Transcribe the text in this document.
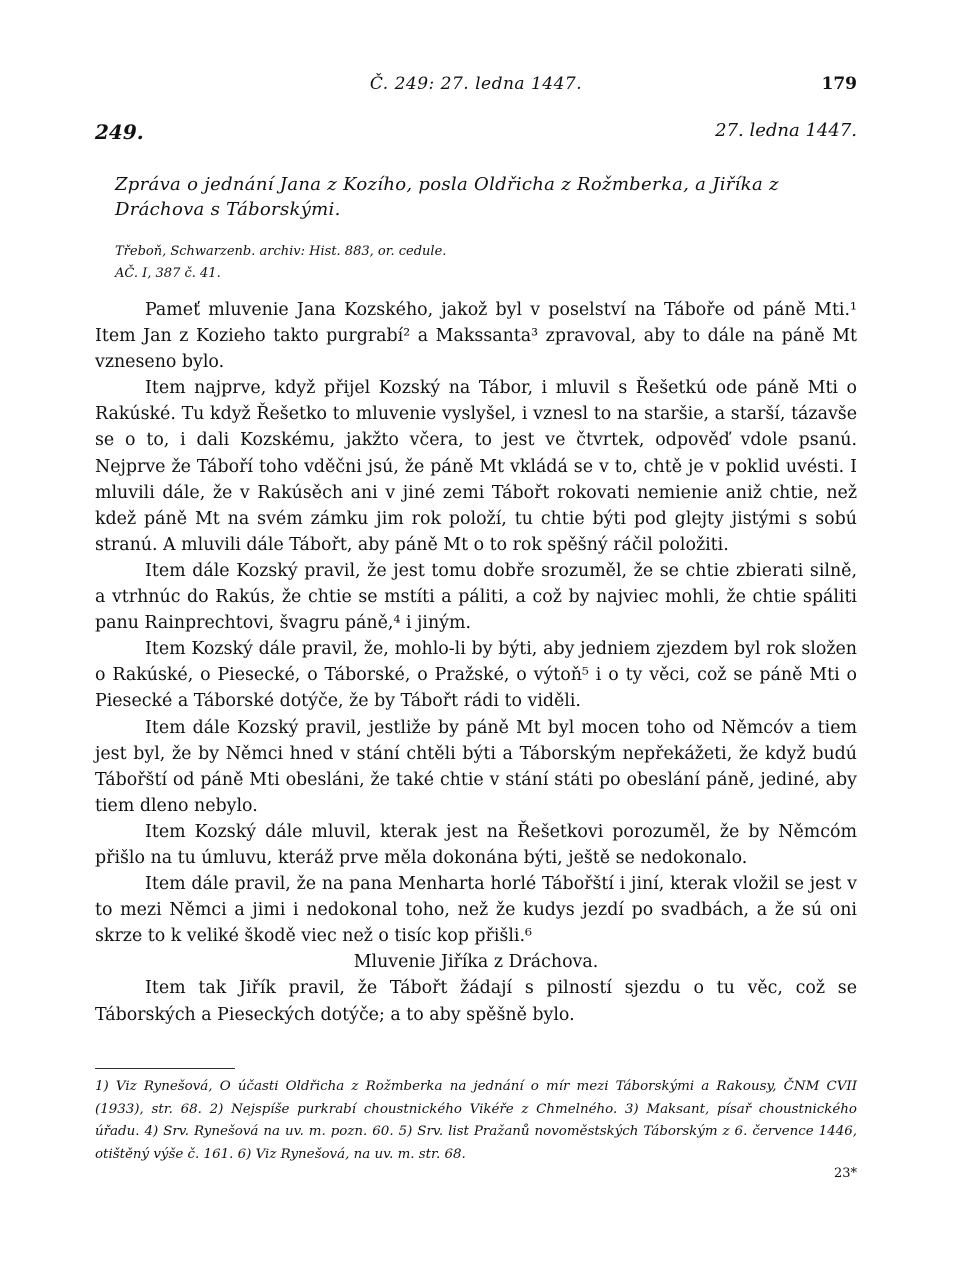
Č. 249: 27. ledna 1447.	179
249.	27. ledna 1447.
Zpráva o jednání Jana z Kozího, posla Oldřicha z Rožmberka, a Jiříka z Dráchova s Táborskými.
Třeboň, Schwarzenb. archiv: Hist. 883, or. cedule.
AČ. I, 387 č. 41.

Pameť mluvenie Jana Kozského, jakož byl v poselství na Táboře od páně Mti.¹ Item Jan z Kozieho takto purgrabí² a Makssanta³ zpravoval, aby to dále na páně Mt vzneseno bylo.

Item najprve, když přijel Kozský na Tábor, i mluvil s Řešetkú ode páně Mti o Rakúské. Tu když Řešetko to mluvenie vyslyšel, i vznesl to na staršie, a starší, tázavše se o to, i dali Kozskému, jakžto včera, to jest ve čtvrtek, odpověď vdole psanú. Nejprve že Táboří toho vděčni jsú, že páně Mt vkládá se v to, chtě je v poklid uvésti. I mluvili dále, že v Rakúsěch ani v jiné zemi Tábořt rokovati nemienie aniž chtie, než kdež páně Mt na svém zámku jim rok položí, tu chtie býti pod glejty jistými s sobú stranú. A mluvili dále Tábořt, aby páně Mt o to rok spěšný ráčil položiti.

Item dále Kozský pravil, že jest tomu dobře srozuměl, že se chtie zbierati silně, a vtrhnúc do Rakús, že chtie se mstíti a páliti, a což by najviec mohli, že chtie spáliti panu Rainprechtovi, švagru páně,⁴ i jiným.

Item Kozský dále pravil, že, mohlo-li by býti, aby jedniem zjezdem byl rok složen o Rakúské, o Piesecké, o Táborské, o Pražské, o výtoň⁵ i o ty věci, což se páně Mti o Piesecké a Táborské dotýče, že by Tábořt rádi to viděli.

Item dále Kozský pravil, jestliže by páně Mt byl mocen toho od Němcóv a tiem jest byl, že by Němci hned v stání chtěli býti a Táborským nepřekážeti, že když budú Tábořští od páně Mti obesláni, že také chtie v stání státi po obeslání páně, jediné, aby tiem dleno nebylo.

Item Kozský dále mluvil, kterak jest na Řešetkovi porozuměl, že by Němcóm přišlo na tu úmluvu, kteráž prve měla dokonána býti, ještě se nedokonalo.

Item dále pravil, že na pana Menharta horlé Tábořští i jiní, kterak vložil se jest v to mezi Němci a jimi i nedokonal toho, než že kudys jezdí po svadbách, a že sú oni skrze to k veliké škodě viec než o tisíc kop přišli.⁶

Mluvenie Jiříka z Dráchova.

Item tak Jiřík pravil, že Tábořt žádají s pilností sjezdu o tu věc, což se Táborských a Pieseckých dotýče; a to aby spěšně bylo.

1) Viz Rynešová, O účasti Oldřicha z Rožmberka na jednání o mír mezi Táborskými a Rakousy, ČNM CVII (1933), str. 68. 2) Nejspíše purkrabí choustnického Vikéře z Chmelného. 3) Maksant, písař choustnického úřadu. 4) Srv. Rynešová na uv. m. pozn. 60. 5) Srv. list Pražanů novoměstských Táborským z 6. července 1446, otištěný výše č. 161. 6) Viz Rynešová, na uv. m. str. 68.
23*
